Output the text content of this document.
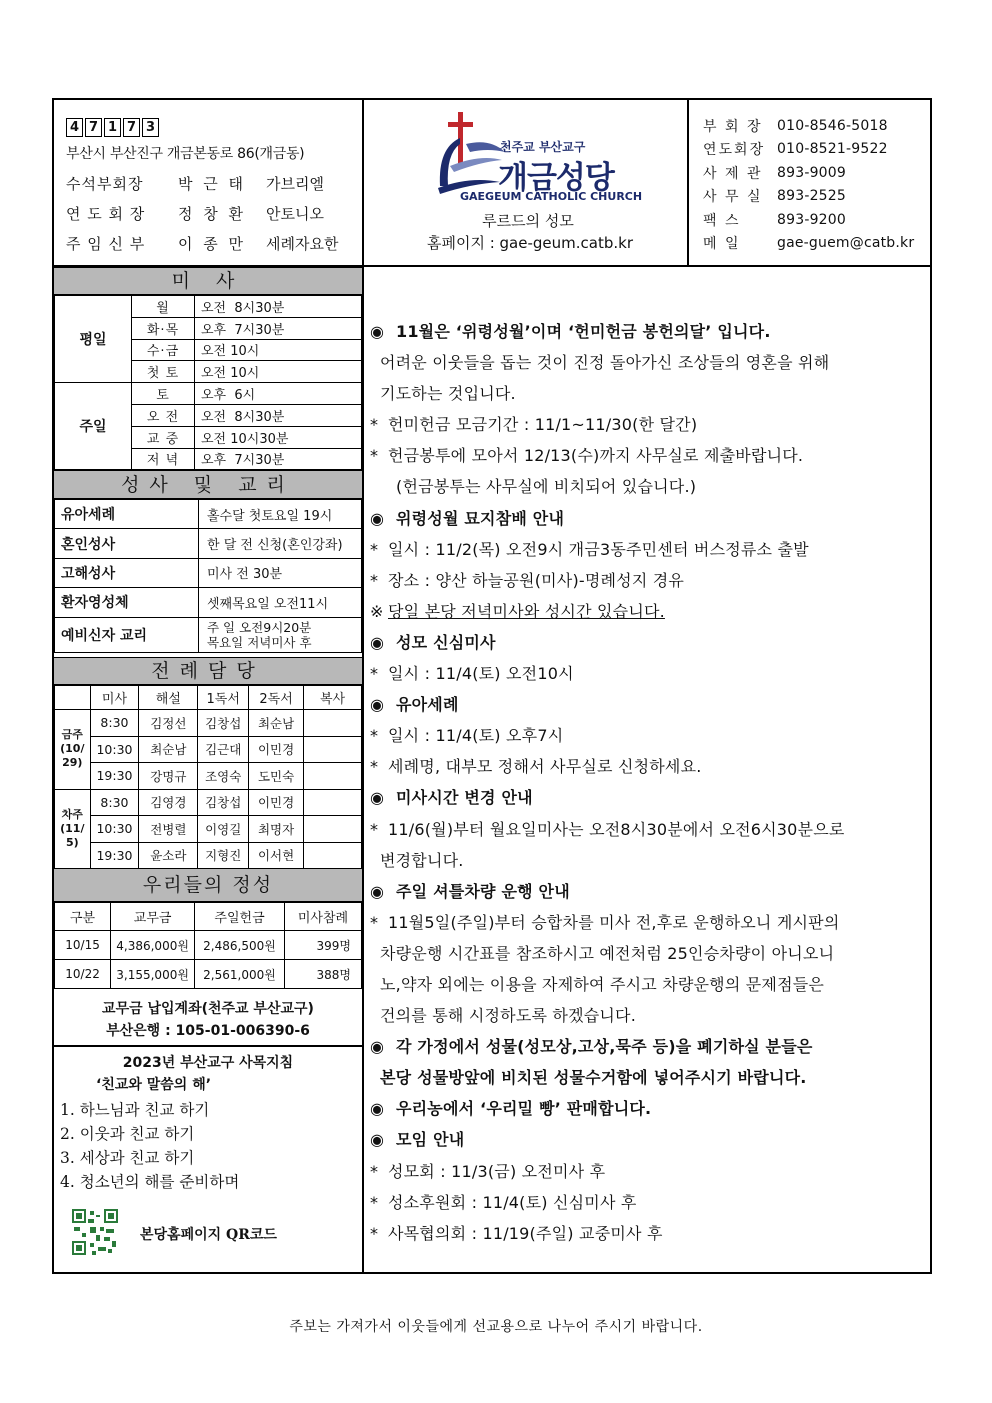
4 7 1 7 3
부산시 부산진구 개금본동로 86(개금동)
수석부회장	박 근 태	가브리엘
연 도 회 장	정 창 환	안토니오
주 임 신 부	이 종 만	세례자요한
천주교 부산교구
개금성당
GAEGEUM CATHOLIC CHURCH
루르드의 성모
홈페이지 : gae-geum.catb.kr
부 회 장	010-8546-5018
연도회장 010-8521-9522
사 제 관	893-9009
사 무 실	893-2525
팩 스	893-9200
메 일	gae-guem@catb.kr
미 사
평일	월	오전  8시30분
	화·목	오후  7시30분
	수·금	오전 10시
	첫 토	오전 10시
주일	토	오후  6시
	오 전	오전  8시30분
	교 중	오전 10시30분
	저 녁	오후  7시30분
성사 및 교리
유아세례	홀수달 첫토요일 19시
혼인성사	한 달 전 신청(혼인강좌)
고해성사	미사 전 30분
환자영성체	셋째목요일 오전11시
예비신자 교리	주 일 오전9시20분
목요일 저녁미사 후
전례담당
	미사	해설	1독서	2독서	복사
금주(10/29)	8:30	김정선	김창섭	최순남	
	10:30	최순남	김근대	이민경	
	19:30	강명규	조영숙	도민숙	
차주(11/5)	8:30	김영경	김창섭	이민경	
	10:30	전병렬	이영길	최명자	
	19:30	윤소라	지형진	이서현	
우리들의 정성
구분	교무금	주일헌금	미사참례
10/15	4,386,000원	2,486,500원	399명
10/22	3,155,000원	2,561,000원	388명
교무금 납입계좌(천주교 부산교구)
부산은행 : 105-01-006390-6
2023년 부산교구 사목지침
‘친교와 말씀의 해’
1. 하느님과 친교 하기
2. 이웃과 친교 하기
3. 세상과 친교 하기
4. 청소년의 해를 준비하며
본당홈페이지 QR코드
◉ 11월은 ‘위령성월’이며 ‘헌미헌금 봉헌의달’ 입니다.
어려운 이웃들을 돕는 것이 진정 돌아가신 조상들의 영혼을 위해
기도하는 것입니다.
* 헌미헌금 모금기간 : 11/1~11/30(한 달간)
* 헌금봉투에 모아서 12/13(수)까지 사무실로 제출바랍니다.
(헌금봉투는 사무실에 비치되어 있습니다.)
◉ 위령성월 묘지참배 안내
* 일시 : 11/2(목) 오전9시 개금3동주민센터 버스정류소 출발
* 장소 : 양산 하늘공원(미사)-명례성지 경유
※ 당일 본당 저녁미사와 성시간 있습니다.
◉ 성모 신심미사
* 일시 : 11/4(토) 오전10시
◉ 유아세례
* 일시 : 11/4(토) 오후7시
* 세례명, 대부모 정해서 사무실로 신청하세요.
◉ 미사시간 변경 안내
* 11/6(월)부터 월요일미사는 오전8시30분에서 오전6시30분으로
변경합니다.
◉ 주일 셔틀차량 운행 안내
* 11월5일(주일)부터 승합차를 미사 전,후로 운행하오니 게시판의
차량운행 시간표를 참조하시고 예전처럼 25인승차량이 아니오니
노,약자 외에는 이용을 자제하여 주시고 차량운행의 문제점들은
건의를 통해 시정하도록 하겠습니다.
◉ 각 가정에서 성물(성모상,고상,묵주 등)을 폐기하실 분들은
본당 성물방앞에 비치된 성물수거함에 넣어주시기 바랍니다.
◉ 우리농에서 ‘우리밀 빵’ 판매합니다.
◉ 모임 안내
* 성모회 : 11/3(금) 오전미사 후
* 성소후원회 : 11/4(토) 신심미사 후
* 사목협의회 : 11/19(주일) 교중미사 후
주보는 가져가서 이웃들에게 선교용으로 나누어 주시기 바랍니다.
